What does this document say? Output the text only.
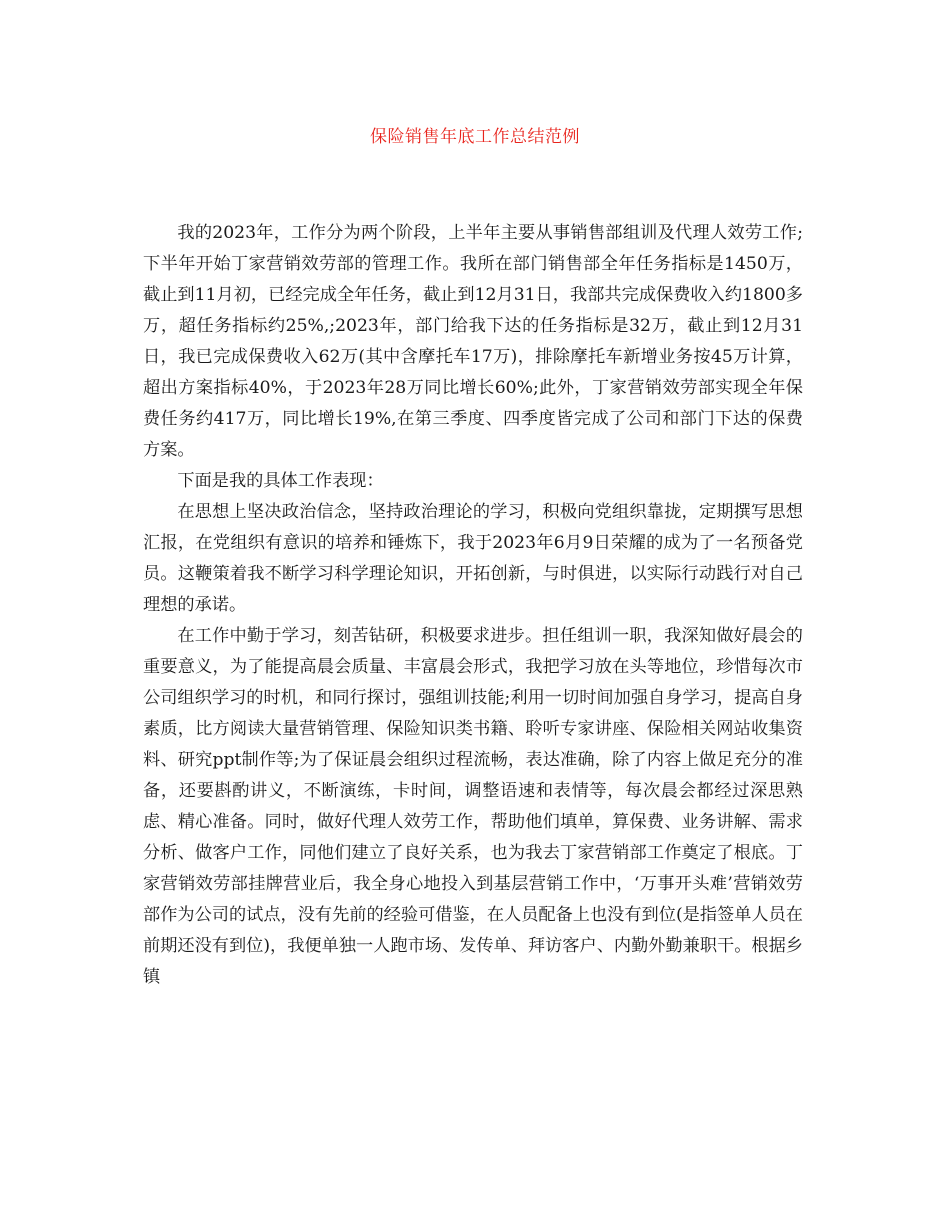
保险销售年底工作总结范例

我的2023年，工作分为两个阶段，上半年主要从事销售部组训及代理人效劳工作;下半年开始丁家营销效劳部的管理工作。我所在部门销售部全年任务指标是1450万，截止到11月初，已经完成全年任务，截止到12月31日，我部共完成保费收入约1800多万，超任务指标约25%,;2023年，部门给我下达的任务指标是32万，截止到12月31日，我已完成保费收入62万(其中含摩托车17万)，排除摩托车新增业务按45万计算，超出方案指标40%，于2023年28万同比增长60%;此外，丁家营销效劳部实现全年保费任务约417万，同比增长19%,在第三季度、四季度皆完成了公司和部门下达的保费方案。

下面是我的具体工作表现：

在思想上坚决政治信念，坚持政治理论的学习，积极向党组织靠拢，定期撰写思想汇报，在党组织有意识的培养和锤炼下，我于2023年6月9日荣耀的成为了一名预备党员。这鞭策着我不断学习科学理论知识，开拓创新，与时俱进，以实际行动践行对自己理想的承诺。

在工作中勤于学习，刻苦钻研，积极要求进步。担任组训一职，我深知做好晨会的重要意义，为了能提高晨会质量、丰富晨会形式，我把学习放在头等地位，珍惜每次市公司组织学习的时机，和同行探讨，强组训技能;利用一切时间加强自身学习，提高自身素质，比方阅读大量营销管理、保险知识类书籍、聆听专家讲座、保险相关网站收集资料、研究ppt制作等;为了保证晨会组织过程流畅，表达准确，除了内容上做足充分的准备，还要斟酌讲义，不断演练，卡时间，调整语速和表情等，每次晨会都经过深思熟虑、精心准备。同时，做好代理人效劳工作，帮助他们填单，算保费、业务讲解、需求分析、做客户工作，同他们建立了良好关系，也为我去丁家营销部工作奠定了根底。丁家营销效劳部挂牌营业后，我全身心地投入到基层营销工作中，‘万事开头难’营销效劳部作为公司的试点，没有先前的经验可借鉴，在人员配备上也没有到位(是指签单人员在前期还没有到位)，我便单独一人跑市场、发传单、拜访客户、内勤外勤兼职干。根据乡镇
